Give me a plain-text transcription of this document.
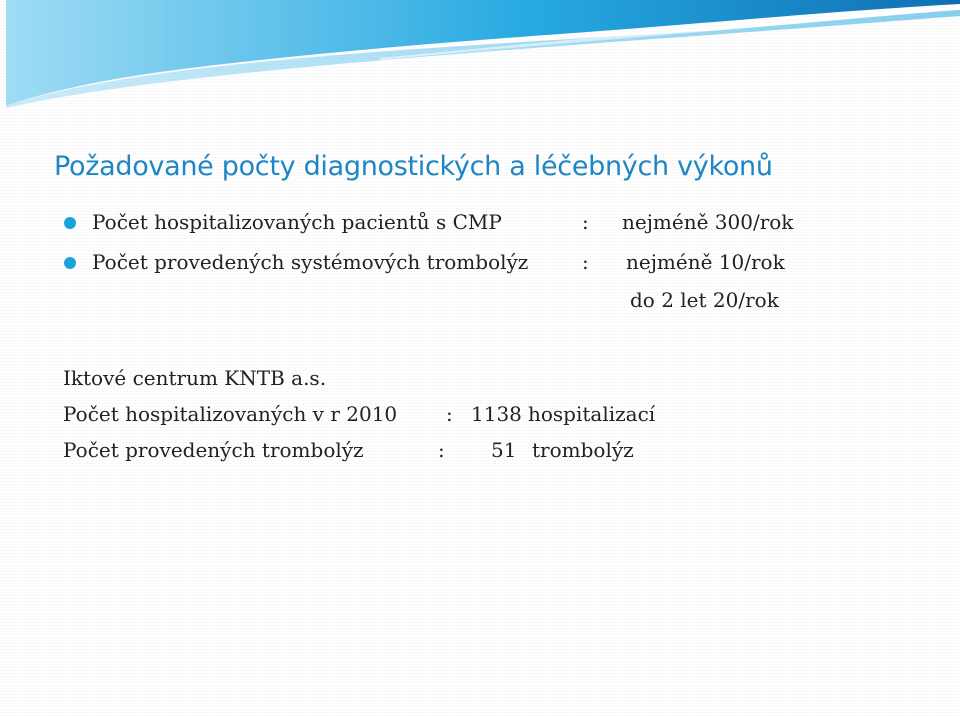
Požadované počty diagnostických a léčebných výkonů
Počet hospitalizovaných pacientů s CMP	: nejméně 300/rok
Počet provedených systémových trombolýz	: nejméně 10/rok
do 2 let 20/rok
Iktové centrum KNTB a.s.
Počet hospitalizovaných v r 2010 : 1138 hospitalizací
Počet provedených trombolýz	: 51 trombolýz
